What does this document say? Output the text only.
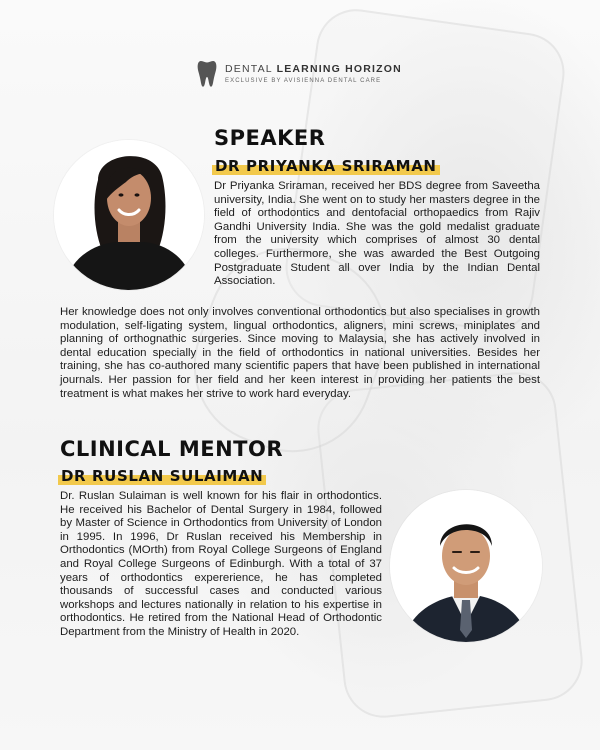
DENTAL LEARNING HORIZON
EXCLUSIVE BY AVISIENNA DENTAL CARE
SPEAKER
DR PRIYANKA SRIRAMAN
Dr Priyanka Sriraman, received her BDS degree from Saveetha university, India. She went on to study her masters degree in the field of orthodontics and dentofacial orthopaedics from Rajiv Gandhi University India. She was the gold medalist graduate from the university which comprises of almost 30 dental colleges. Furthermore, she was awarded the Best Outgoing Postgraduate Student all over India by the Indian Dental Association.
Her knowledge does not only involves conventional orthodontics but also specialises in growth modulation, self-ligating system, lingual orthodontics, aligners, mini screws, miniplates and planning of orthognathic surgeries. Since moving to Malaysia, she has actively involved in dental education specially in the field of orthodontics in national universities. Besides her training, she has co-authored many scientific papers that have been published in international journals. Her passion for her field and her keen interest in providing her patients the best treatment is what makes her strive to work hard everyday.
CLINICAL MENTOR
DR RUSLAN SULAIMAN
Dr. Ruslan Sulaiman is well known for his flair in orthodontics. He received his Bachelor of Dental Surgery in 1984, followed by Master of Science in Orthodontics from University of London in 1995. In 1996, Dr Ruslan received his Membership in Orthodontics (MOrth) from Royal College Surgeons of England and Royal College Surgeons of Edinburgh. With a total of 37 years of orthodontics expererience, he has completed thousands of successful cases and conducted various workshops and lectures nationally in relation to his expertise in orthodontics. He retired from the National Head of Orthodontic Department from the Ministry of Health in 2020.
